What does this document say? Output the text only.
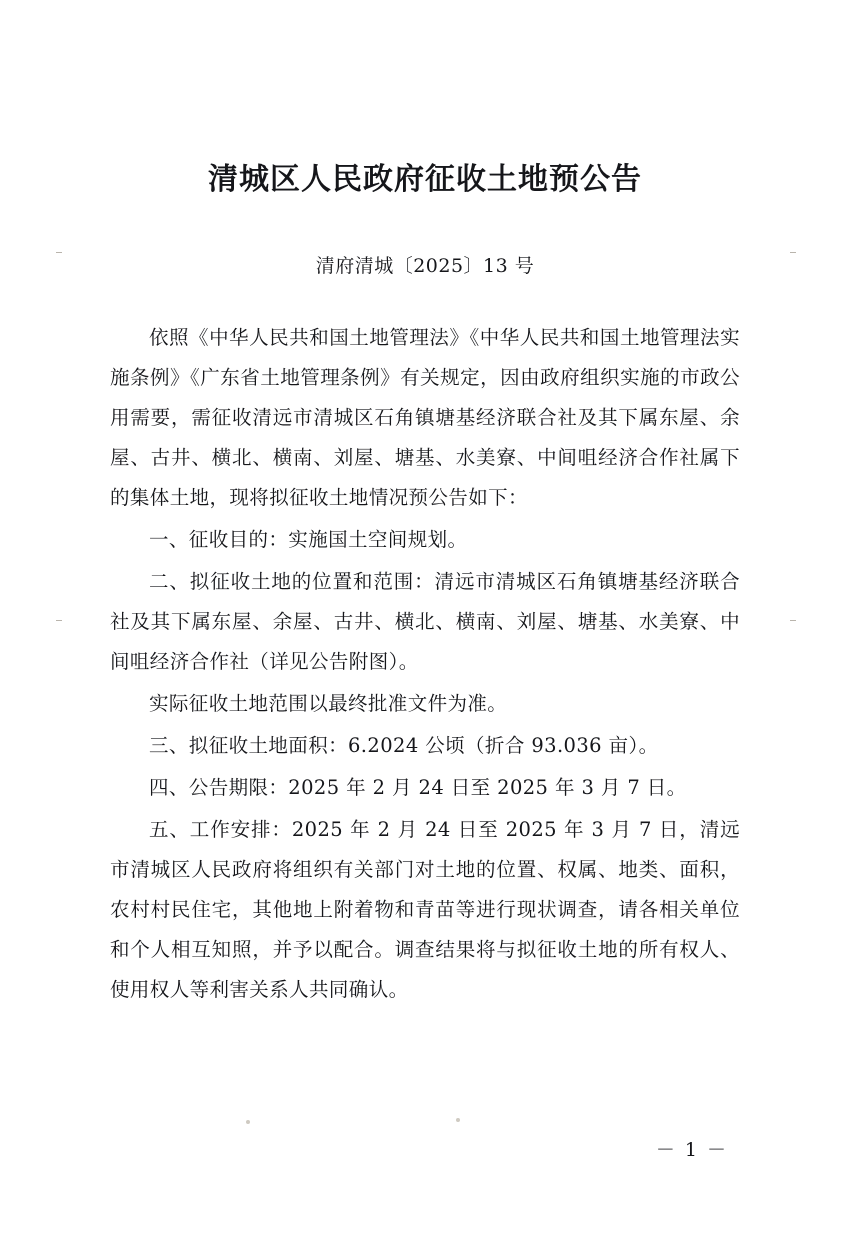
清城区人民政府征收土地预公告

清府清城〔2025〕13 号

依照《中华人民共和国土地管理法》《中华人民共和国土地管理法实施条例》《广东省土地管理条例》有关规定，因由政府组织实施的市政公用需要，需征收清远市清城区石角镇塘基经济联合社及其下属东屋、余屋、古井、横北、横南、刘屋、塘基、水美寮、中间咀经济合作社属下的集体土地，现将拟征收土地情况预公告如下：

一、征收目的：实施国土空间规划。

二、拟征收土地的位置和范围：清远市清城区石角镇塘基经济联合社及其下属东屋、余屋、古井、横北、横南、刘屋、塘基、水美寮、中间咀经济合作社（详见公告附图）。

实际征收土地范围以最终批准文件为准。

三、拟征收土地面积：6.2024 公顷（折合 93.036 亩）。

四、公告期限：2025 年 2 月 24 日至 2025 年 3 月 7 日。

五、工作安排：2025 年 2 月 24 日至 2025 年 3 月 7 日，清远市清城区人民政府将组织有关部门对土地的位置、权属、地类、面积，农村村民住宅，其他地上附着物和青苗等进行现状调查，请各相关单位和个人相互知照，并予以配合。调查结果将与拟征收土地的所有权人、使用权人等利害关系人共同确认。

－ 1 －
